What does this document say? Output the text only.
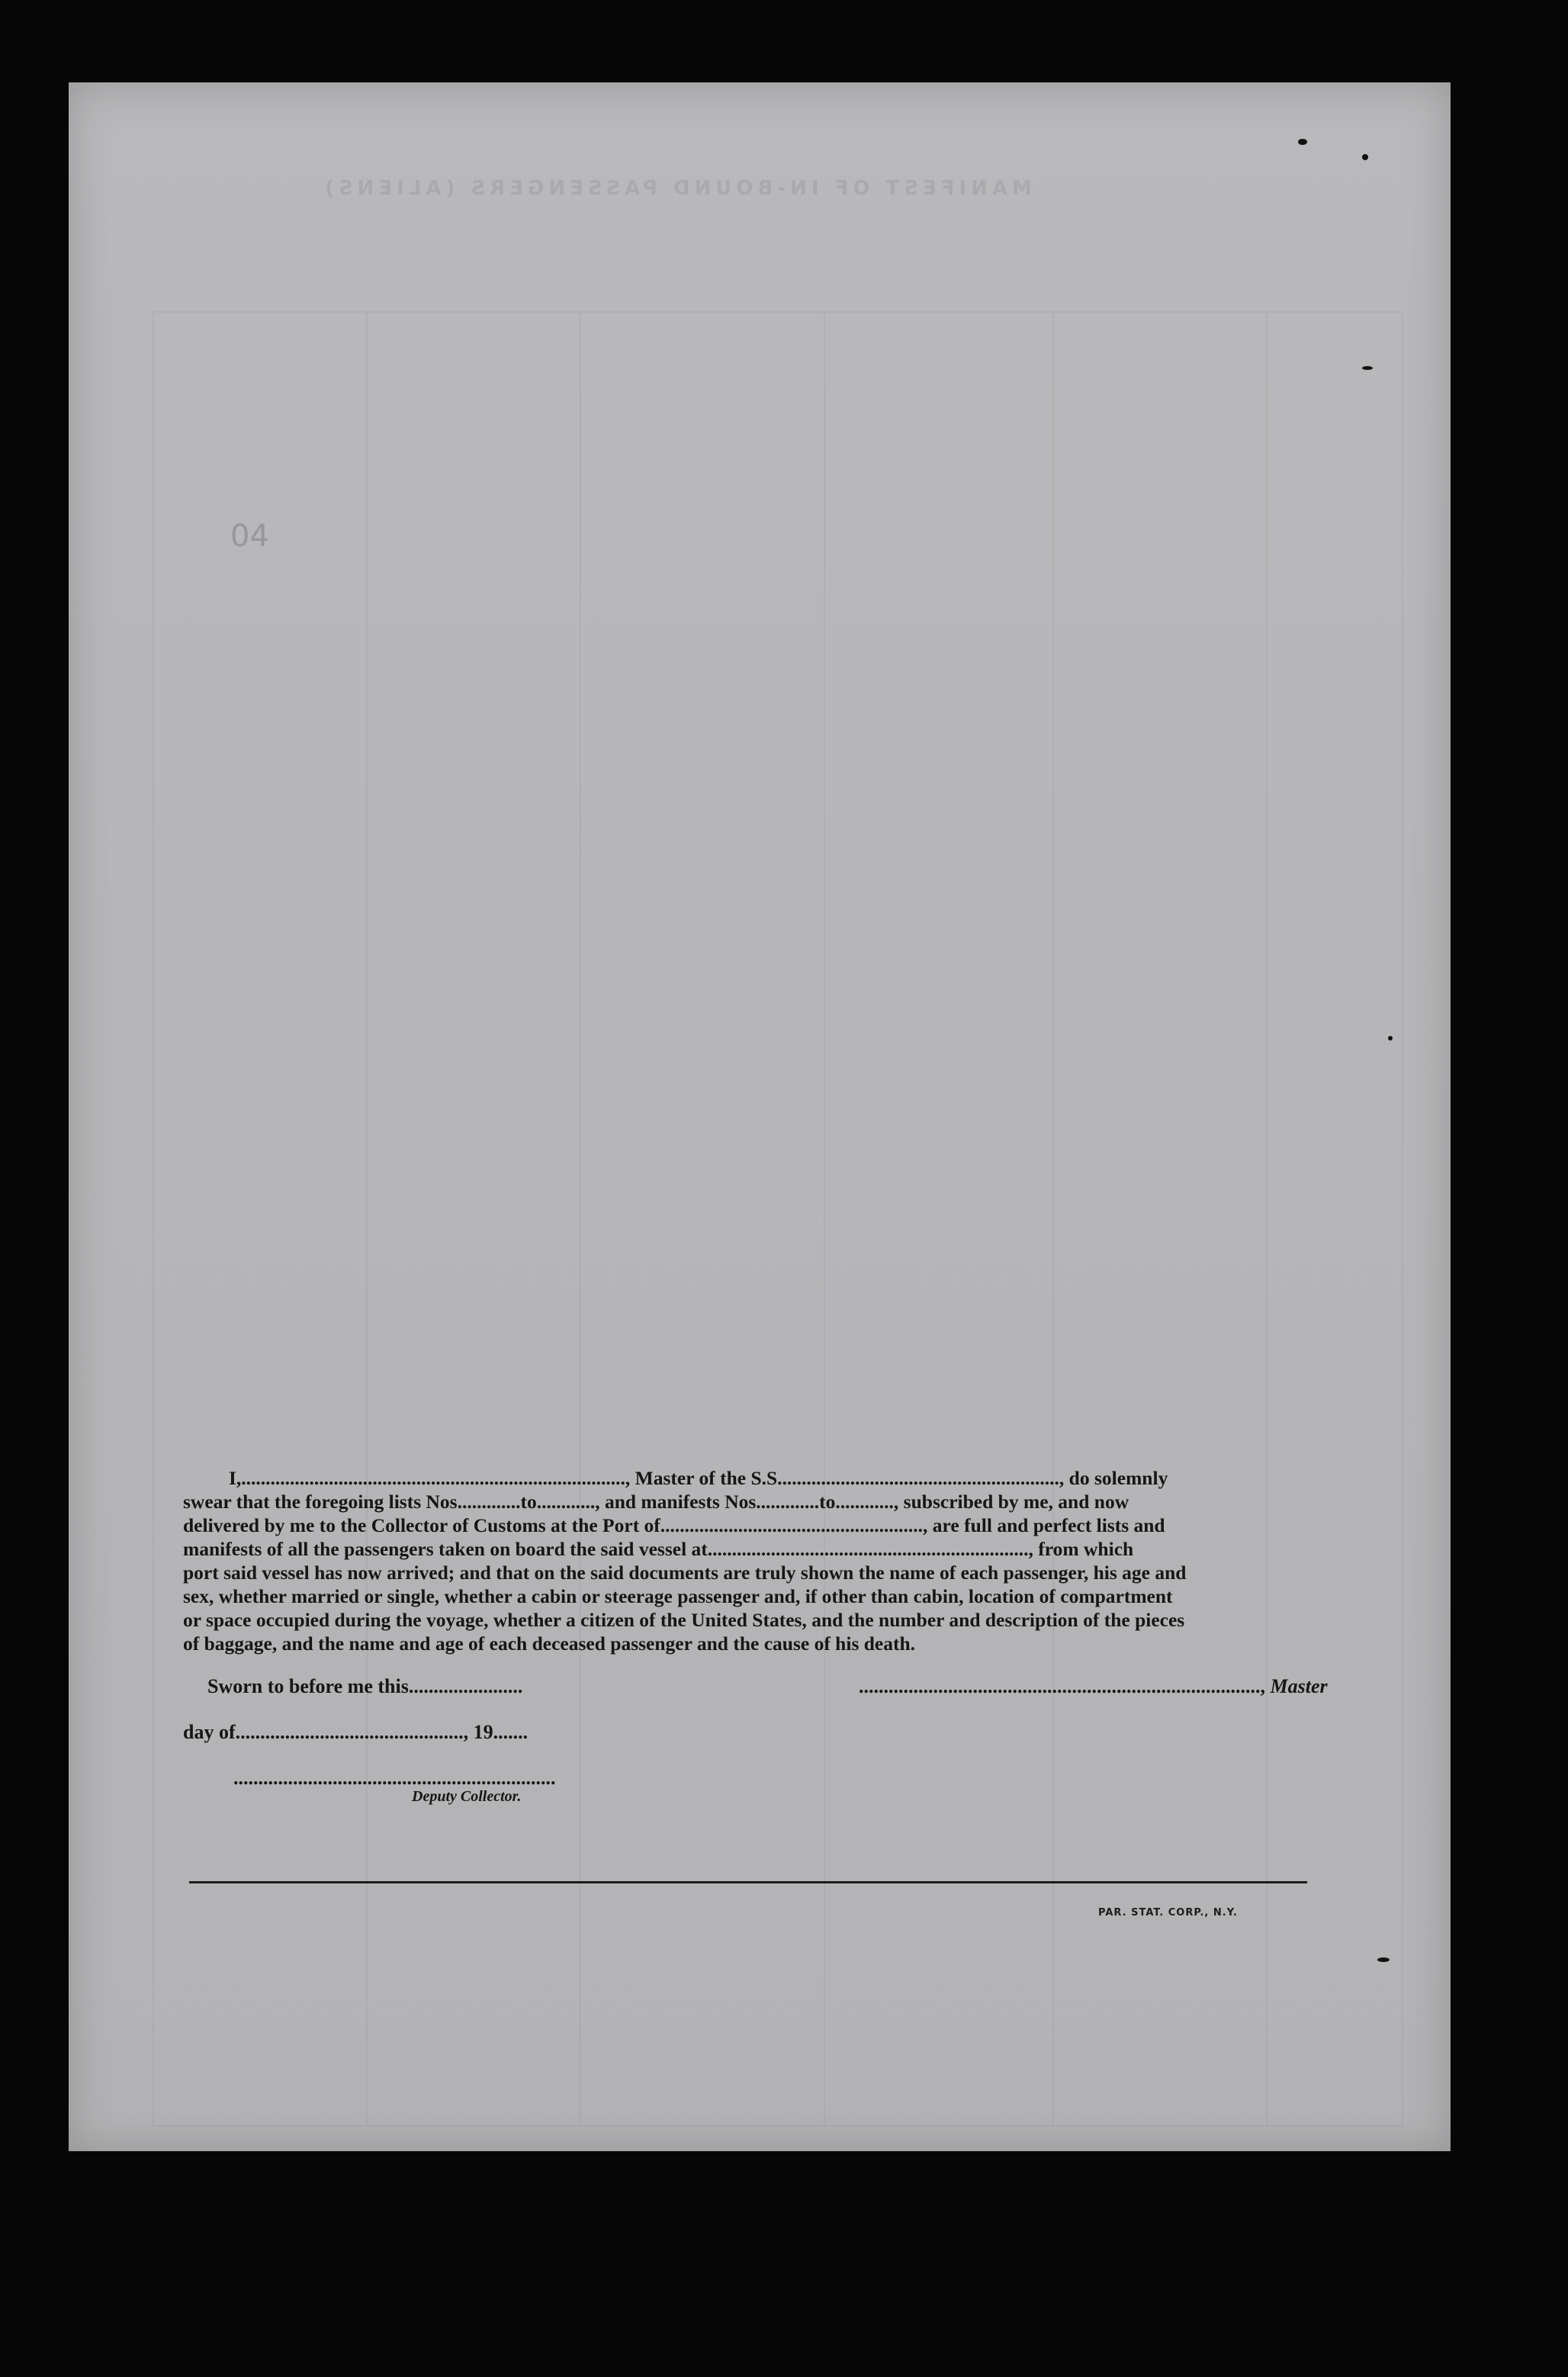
MANIFEST OF IN-BOUND PASSENGERS (ALIENS)
04

I,..............................................................................., Master of the S.S.........................................................., do solemnly

swear that the foregoing lists Nos.............to............, and manifests Nos.............to............, subscribed by me, and now

delivered by me to the Collector of Customs at the Port of......................................................, are full and perfect lists and

manifests of all the passengers taken on board the said vessel at.................................................................., from which

port said vessel has now arrived; and that on the said documents are truly shown the name of each passenger, his age and

sex, whether married or single, whether a cabin or steerage passenger and, if other than cabin, location of compartment

or space occupied during the voyage, whether a citizen of the United States, and the number and description of the pieces

of baggage, and the name and age of each deceased passenger and the cause of his death.

Sworn to before me this.......................	................................................................................., Master
day of.............................................., 19.......
.................................................................
Deputy Collector.
PAR. STAT. CORP., N.Y.
